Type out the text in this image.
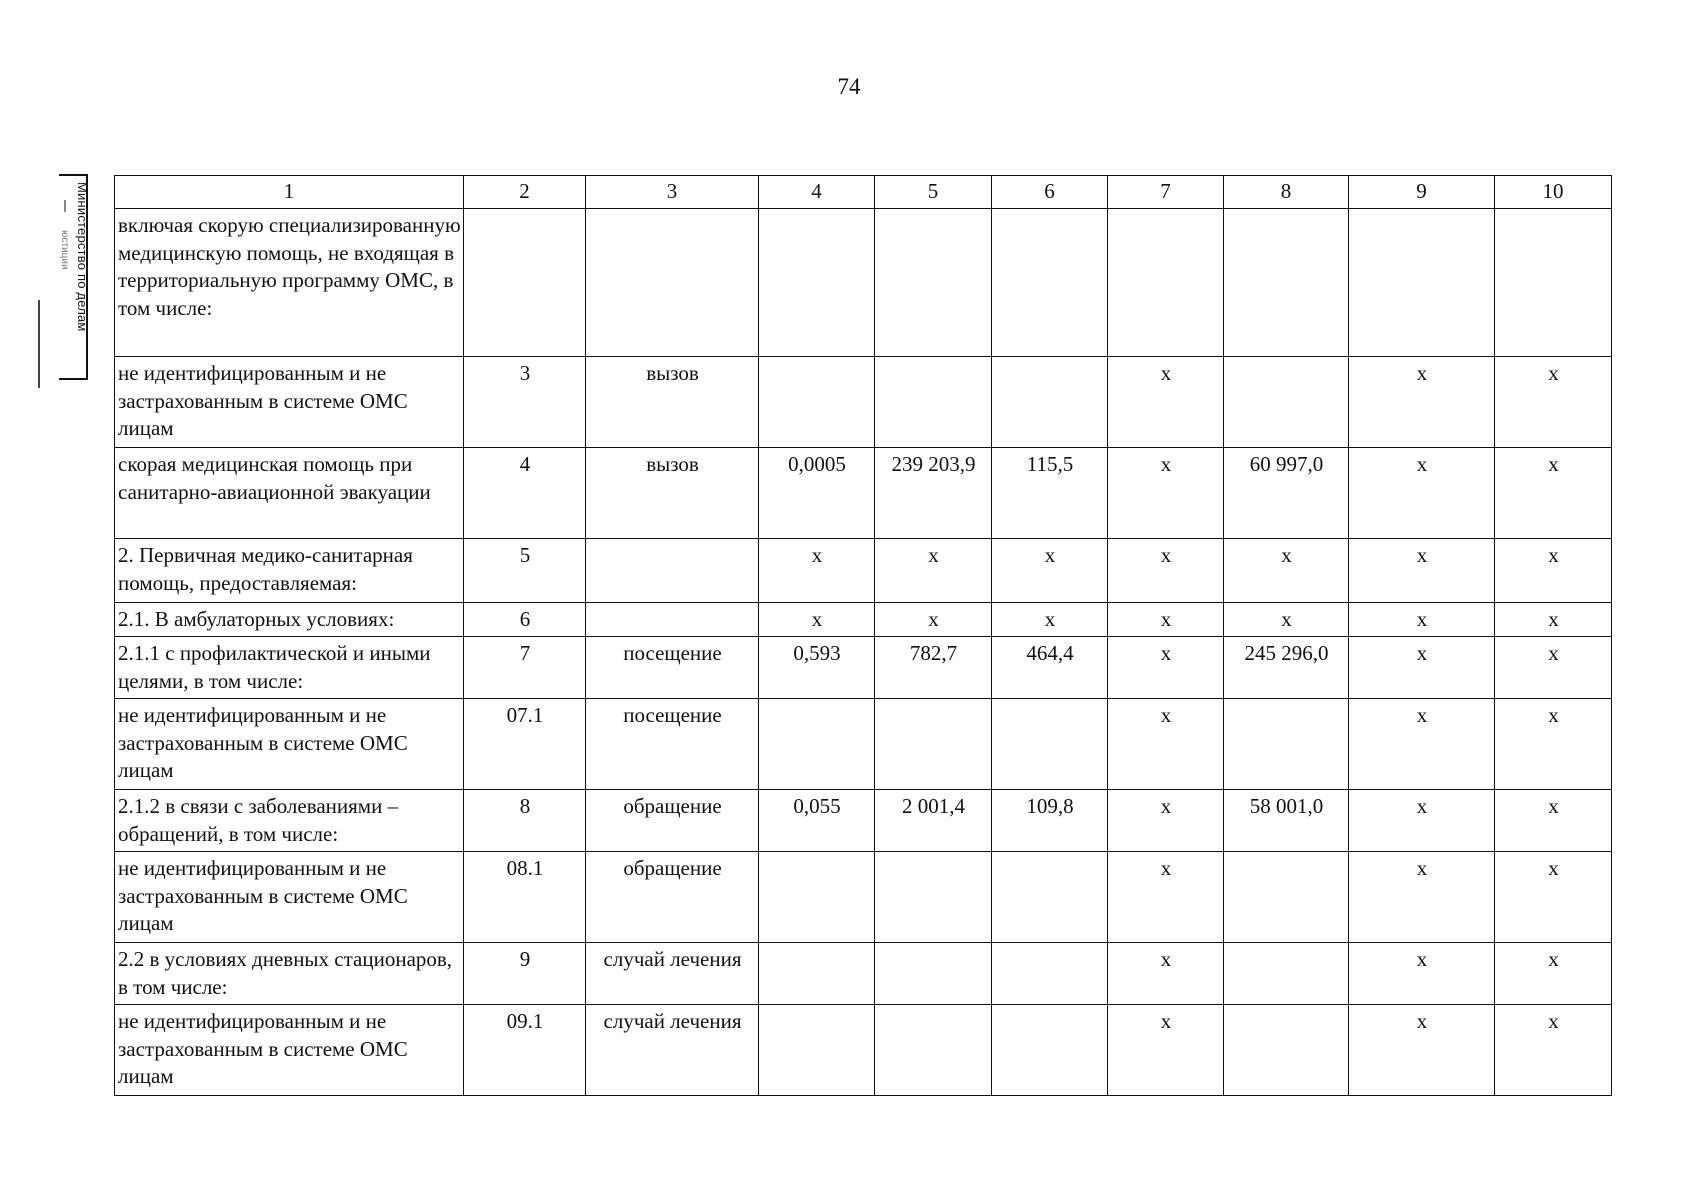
74
Министерство по делам
юстиции
1	2	3	4	5	6	7	8	9	10
включая скорую специализированную медицинскую помощь, не входящая в территориальную программу ОМС, в том числе:									
не идентифицированным и не застрахованным в системе ОМС лицам	3	вызов				х		х	х
скорая медицинская помощь при санитарно-авиационной эвакуации	4	вызов	0,0005	239 203,9	115,5	х	60 997,0	х	х
2. Первичная медико-санитарная помощь, предоставляемая:	5		х	х	х	х	х	х	х
2.1. В амбулаторных условиях:	6		х	х	х	х	х	х	х
2.1.1 с профилактической и иными целями, в том числе:	7	посещение	0,593	782,7	464,4	х	245 296,0	х	х
не идентифицированным и не застрахованным в системе ОМС лицам	07.1	посещение				х		х	х
2.1.2 в связи с заболеваниями – обращений, в том числе:	8	обращение	0,055	2 001,4	109,8	х	58 001,0	х	х
не идентифицированным и не застрахованным в системе ОМС лицам	08.1	обращение				х		х	х
2.2 в условиях дневных стационаров, в том числе:	9	случай лечения				х		х	х
не идентифицированным и не застрахованным в системе ОМС лицам	09.1	случай лечения				х		х	х
